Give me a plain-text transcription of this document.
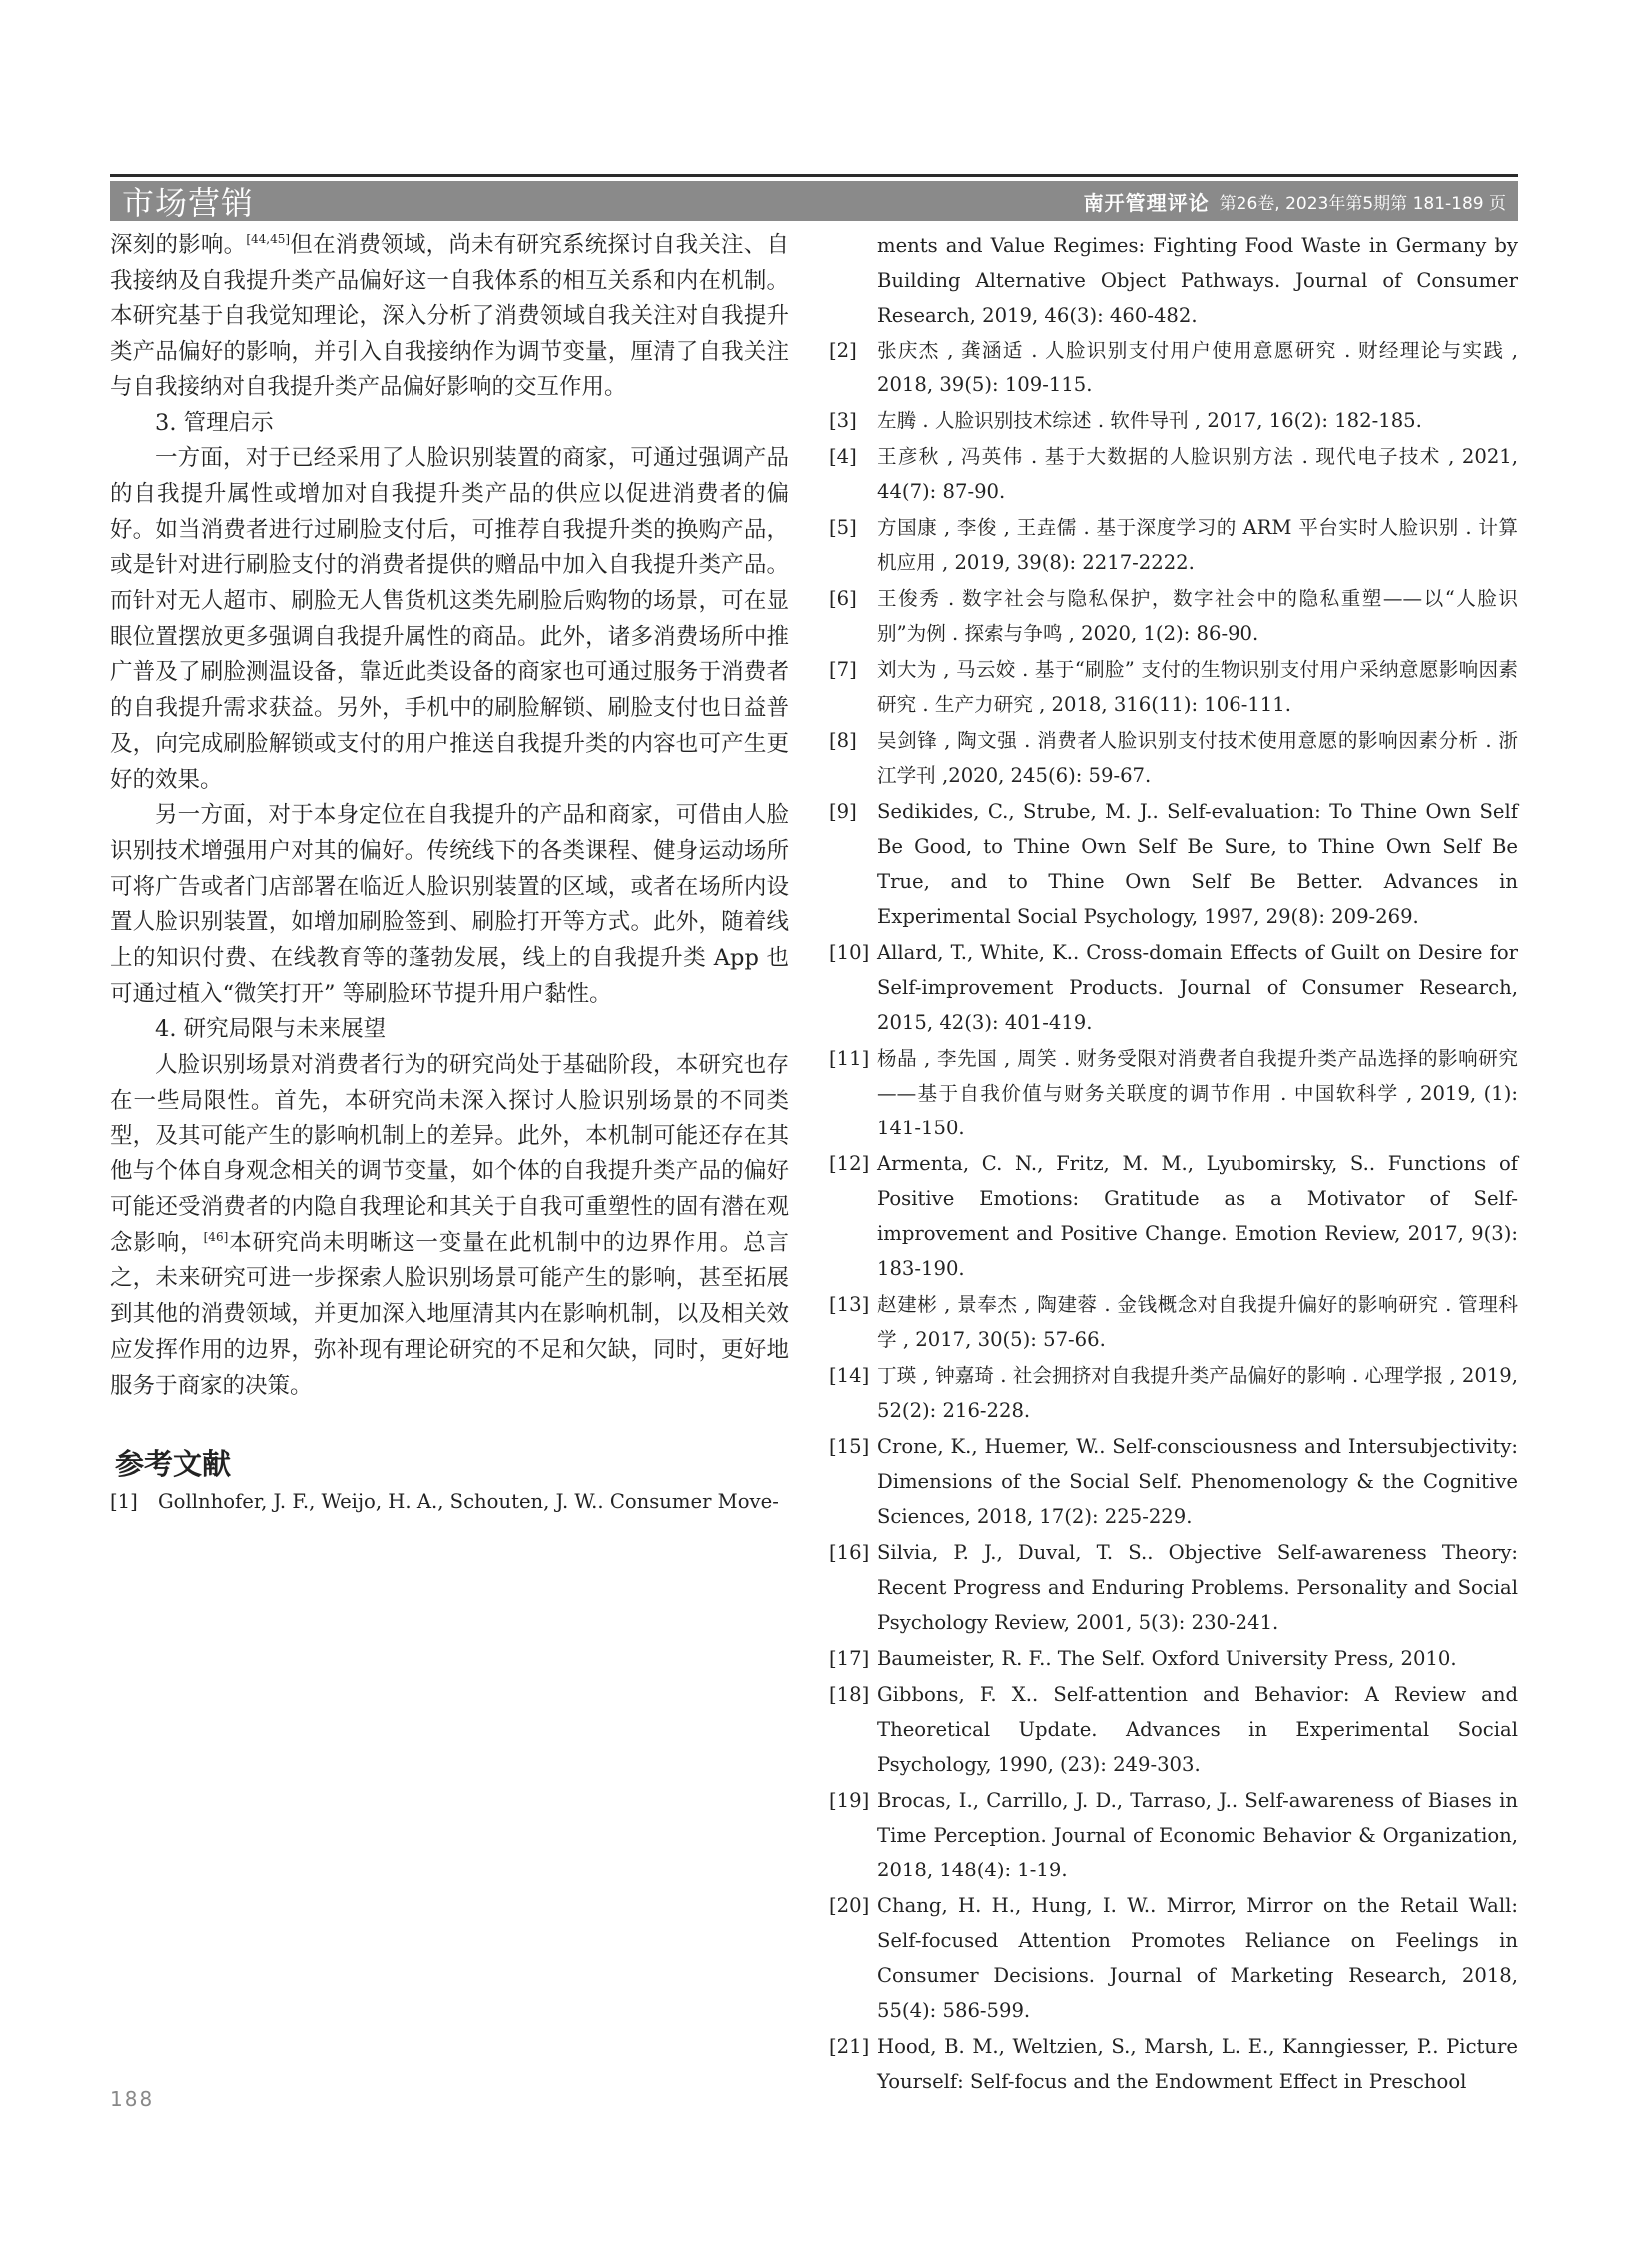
市场营销	南开管理评论 第26卷, 2023年第5期第 181-189 页

深刻的影响。[44,45]但在消费领域，尚未有研究系统探讨自我关注、自我接纳及自我提升类产品偏好这一自我体系的相互关系和内在机制。本研究基于自我觉知理论，深入分析了消费领域自我关注对自我提升类产品偏好的影响，并引入自我接纳作为调节变量，厘清了自我关注与自我接纳对自我提升类产品偏好影响的交互作用。

3. 管理启示

一方面，对于已经采用了人脸识别装置的商家，可通过强调产品的自我提升属性或增加对自我提升类产品的供应以促进消费者的偏好。如当消费者进行过刷脸支付后，可推荐自我提升类的换购产品，或是针对进行刷脸支付的消费者提供的赠品中加入自我提升类产品。而针对无人超市、刷脸无人售货机这类先刷脸后购物的场景，可在显眼位置摆放更多强调自我提升属性的商品。此外，诸多消费场所中推广普及了刷脸测温设备，靠近此类设备的商家也可通过服务于消费者的自我提升需求获益。另外，手机中的刷脸解锁、刷脸支付也日益普及，向完成刷脸解锁或支付的用户推送自我提升类的内容也可产生更好的效果。

另一方面，对于本身定位在自我提升的产品和商家，可借由人脸识别技术增强用户对其的偏好。传统线下的各类课程、健身运动场所可将广告或者门店部署在临近人脸识别装置的区域，或者在场所内设置人脸识别装置，如增加刷脸签到、刷脸打开等方式。此外，随着线上的知识付费、在线教育等的蓬勃发展，线上的自我提升类 App 也可通过植入“微笑打开” 等刷脸环节提升用户黏性。

4. 研究局限与未来展望

人脸识别场景对消费者行为的研究尚处于基础阶段，本研究也存在一些局限性。首先，本研究尚未深入探讨人脸识别场景的不同类型，及其可能产生的影响机制上的差异。此外，本机制可能还存在其他与个体自身观念相关的调节变量，如个体的自我提升类产品的偏好可能还受消费者的内隐自我理论和其关于自我可重塑性的固有潜在观念影响，[46]本研究尚未明晰这一变量在此机制中的边界作用。总言之，未来研究可进一步探索人脸识别场景可能产生的影响，甚至拓展到其他的消费领域，并更加深入地厘清其内在影响机制，以及相关效应发挥作用的边界，弥补现有理论研究的不足和欠缺，同时，更好地服务于商家的决策。

参考文献
[1]	Gollnhofer, J. F., Weijo, H. A., Schouten, J. W.. Consumer Move-
ments and Value Regimes: Fighting Food Waste in Germany by Building Alternative Object Pathways. Journal of Consumer Research, 2019, 46(3): 460-482.
[2]	张庆杰 , 龚涵适 . 人脸识别支付用户使用意愿研究 . 财经理论与实践 , 2018, 39(5): 109-115.
[3]	左腾 . 人脸识别技术综述 . 软件导刊 , 2017, 16(2): 182-185.
[4]	王彦秋 , 冯英伟 . 基于大数据的人脸识别方法 . 现代电子技术 , 2021, 44(7): 87-90.
[5]	方国康 , 李俊 , 王垚儒 . 基于深度学习的 ARM 平台实时人脸识别 . 计算机应用 , 2019, 39(8): 2217-2222.
[6]	王俊秀 . 数字社会与隐私保护，数字社会中的隐私重塑——以“人脸识别”为例 . 探索与争鸣 , 2020, 1(2): 86-90.
[7]	刘大为 , 马云姣 . 基于“刷脸” 支付的生物识别支付用户采纳意愿影响因素研究 . 生产力研究 , 2018, 316(11): 106-111.
[8]	吴剑锋 , 陶文强 . 消费者人脸识别支付技术使用意愿的影响因素分析 . 浙江学刊 ,2020, 245(6): 59-67.
[9]	Sedikides, C., Strube, M. J.. Self-evaluation: To Thine Own Self Be Good, to Thine Own Self Be Sure, to Thine Own Self Be True, and to Thine Own Self Be Better. Advances in Experimental Social Psychology, 1997, 29(8): 209-269.
[10] Allard, T., White, K.. Cross-domain Effects of Guilt on Desire for Self-improvement Products. Journal of Consumer Research, 2015, 42(3): 401-419.
[11] 杨晶 , 李先国 , 周笑 . 财务受限对消费者自我提升类产品选择的影响研究——基于自我价值与财务关联度的调节作用 . 中国软科学 , 2019, (1): 141-150.
[12] Armenta, C. N., Fritz, M. M., Lyubomirsky, S.. Functions of Positive Emotions: Gratitude as a Motivator of Self-improvement and Positive Change. Emotion Review, 2017, 9(3): 183-190.
[13] 赵建彬 , 景奉杰 , 陶建蓉 . 金钱概念对自我提升偏好的影响研究 . 管理科学 , 2017, 30(5): 57-66.
[14] 丁瑛 , 钟嘉琦 . 社会拥挤对自我提升类产品偏好的影响 . 心理学报 , 2019, 52(2): 216-228.
[15] Crone, K., Huemer, W.. Self-consciousness and Intersubjectivity: Dimensions of the Social Self. Phenomenology & the Cognitive Sciences, 2018, 17(2): 225-229.
[16] Silvia, P. J., Duval, T. S.. Objective Self-awareness Theory: Recent Progress and Enduring Problems. Personality and Social Psychology Review, 2001, 5(3): 230-241.
[17] Baumeister, R. F.. The Self. Oxford University Press, 2010.
[18] Gibbons, F. X.. Self-attention and Behavior: A Review and Theoretical Update. Advances in Experimental Social Psychology, 1990, (23): 249-303.
[19] Brocas, I., Carrillo, J. D., Tarraso, J.. Self-awareness of Biases in Time Perception. Journal of Economic Behavior & Organization, 2018, 148(4): 1-19.
[20] Chang, H. H., Hung, I. W.. Mirror, Mirror on the Retail Wall: Self-focused Attention Promotes Reliance on Feelings in Consumer Decisions. Journal of Marketing Research, 2018, 55(4): 586-599.
[21] Hood, B. M., Weltzien, S., Marsh, L. E., Kanngiesser, P.. Picture Yourself: Self-focus and the Endowment Effect in Preschool
188
